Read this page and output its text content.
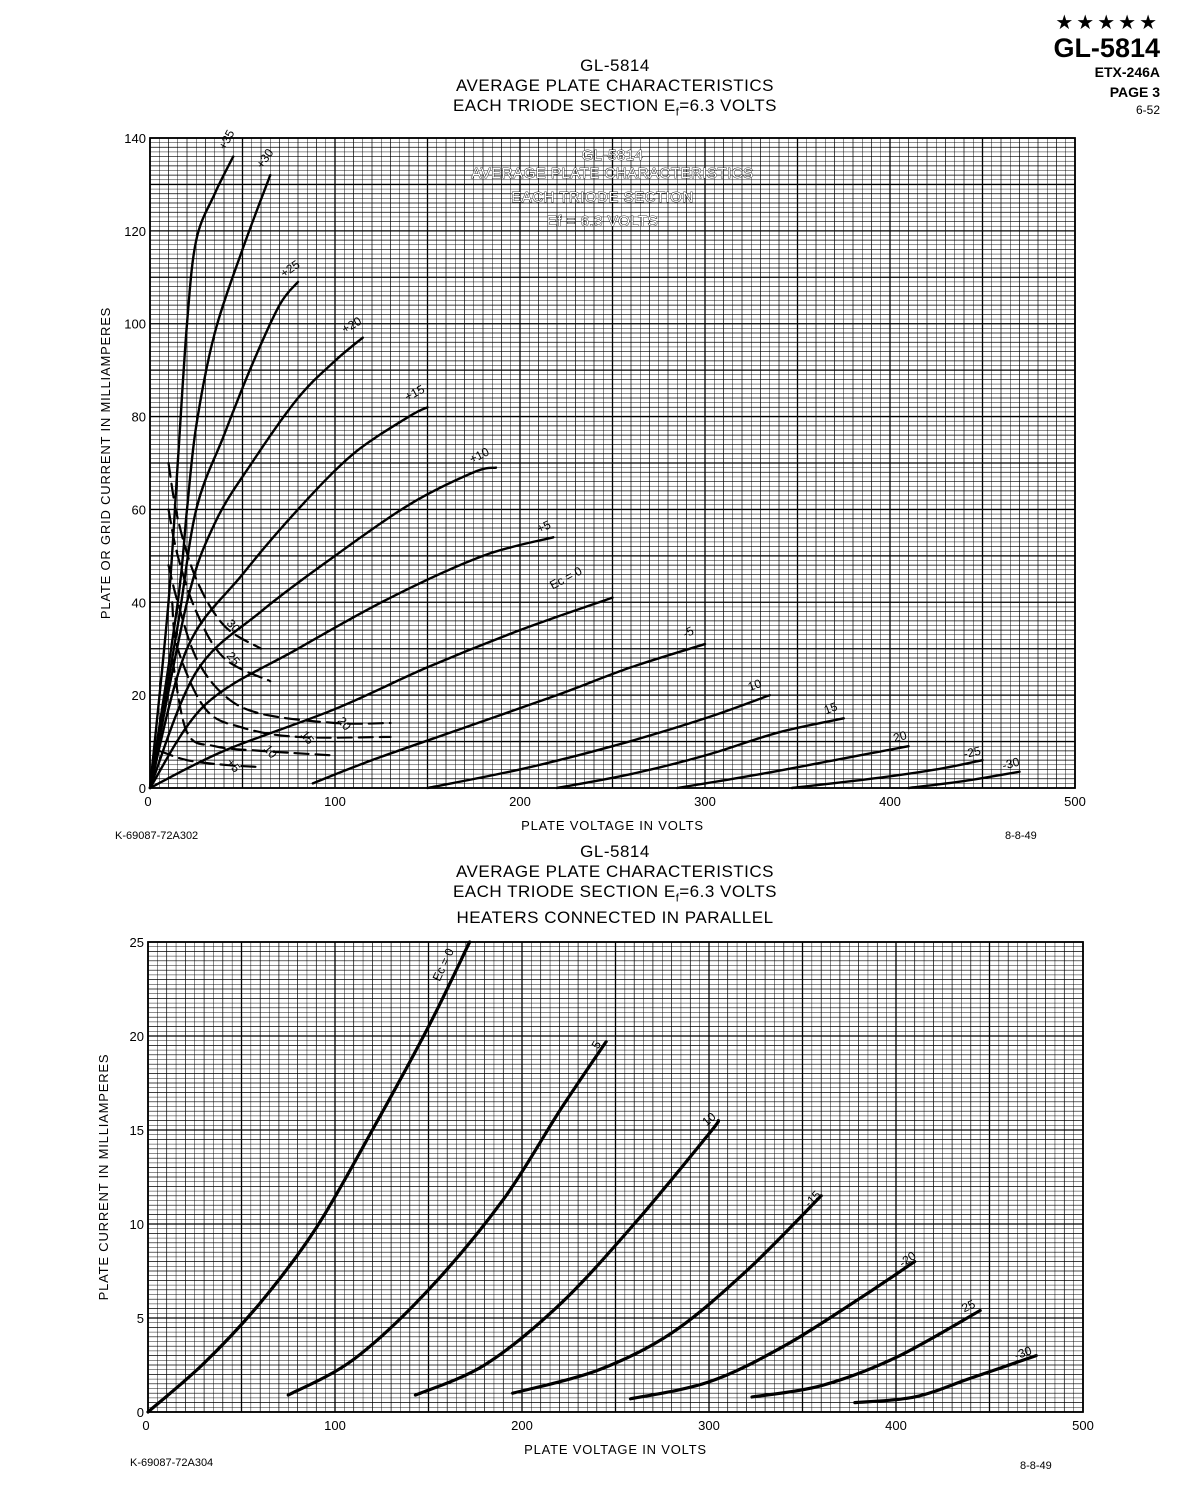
★★★★★
GL-5814
ETX-246A
PAGE 3
6-52
GL-5814
AVERAGE PLATE CHARACTERISTICS
EACH TRIODE SECTION $E_f=6.3$ VOLTS
GL-5814
AVERAGE PLATE CHARACTERISTICS
EACH TRIODE SECTION $E_f=6.3$ VOLTS
HEATERS CONNECTED IN PARALLEL
K-69087-72A302	8-8-49
K-69087-72A304	8-8-49
0	100	200	300	400	500
0
20
40
60
80
100
120
140
PLATE VOLTAGE IN VOLTS
PLATE OR GRID CURRENT IN MILLIAMPERES
GL-5814
AVERAGE PLATE CHARACTERISTICS
EACH TRIODE SECTION
Ef = 6.3 VOLTS
+35
+30
+25
+20
+15
+10
+5
Ec = 0
-5
10
15
20
-25
-30
30
25
20
15
10
+5
0	100	200	300	400	500
0
5
10
15
20
25
PLATE VOLTAGE IN VOLTS
PLATE CURRENT IN MILLIAMPERES
Ec = 0
5
10
-15
-20
25
-30
